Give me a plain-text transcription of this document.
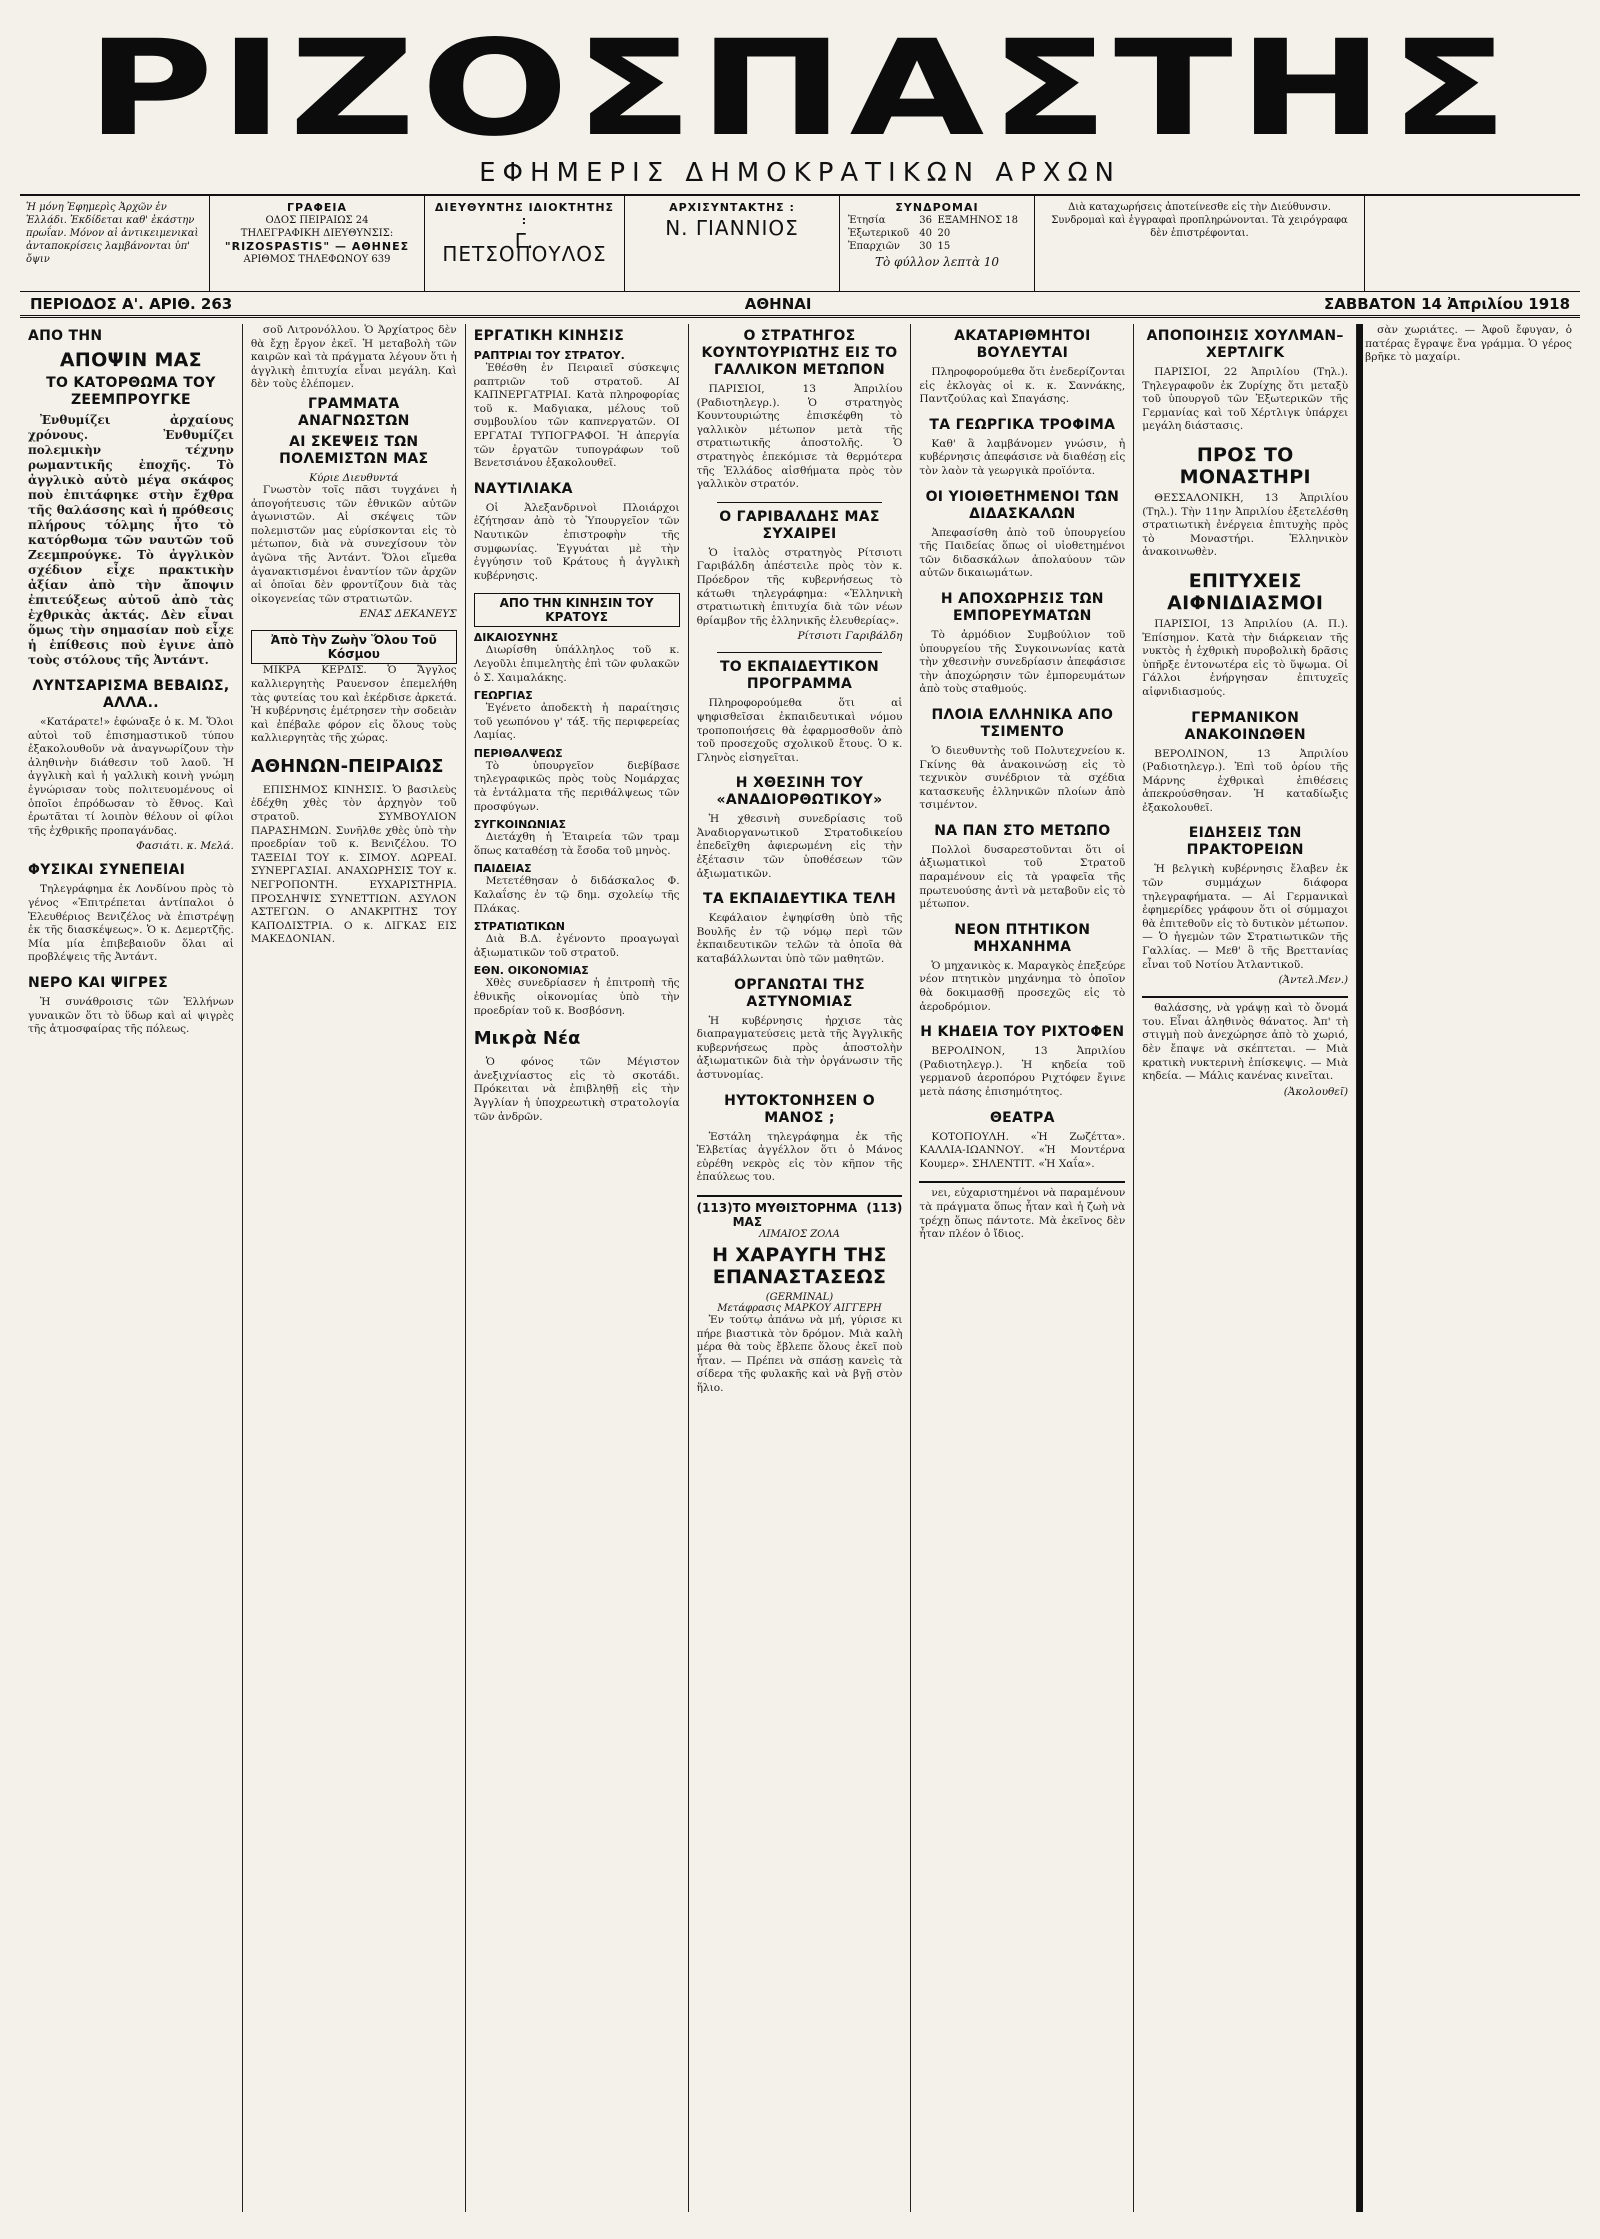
ΡΙΖΟΣΠΑΣΤΗΣ
ΕΦΗΜΕΡΙΣ ΔΗΜΟΚΡΑΤΙΚΩΝ ΑΡΧΩΝ
Ἡ μόνη Ἐφημερὶς Ἀρχῶν ἐν Ἑλλάδι. Ἐκδίδεται καθ' ἑκάστην πρωΐαν. Μόνον αἱ ἀντικειμενικαὶ ἀνταποκρίσεις λαμβάνονται ὑπ' ὄψιν
ΓΡΑΦΕΙΑ
ΟΔΟΣ ΠΕΙΡΑΙΩΣ 24
ΤΗΛΕΓΡΑΦΙΚΗ ΔΙΕΥΘΥΝΣΙΣ:
"RIZOSPASTIS" — ΑΘΗΝΕΣ
ΑΡΙΘΜΟΣ ΤΗΛΕΦΩΝΟΥ 639
ΔΙΕΥΘΥΝΤΗΣ ΙΔΙΟΚΤΗΤΗΣ :
Γ. ΠΕΤΣΟΠΟΥΛΟΣ
ΑΡΧΙΣΥΝΤΑΚΤΗΣ :
Ν. ΓΙΑΝΝΙΟΣ
ΣΥΝΔΡΟΜΑΙ
Ἐτησία	36	ΕΞΑΜΗΝΟΣ 18
Ἐξωτερικοῦ	40	20
Ἐπαρχιῶν	30	15
Τὸ φύλλον λεπτὰ 10
Διὰ καταχωρήσεις ἀποτείνεσθε εἰς τὴν Διεύθυνσιν. Συνδρομαὶ καὶ ἐγγραφαὶ προπληρώνονται. Τὰ χειρόγραφα δὲν ἐπιστρέφονται.
ΠΕΡΙΟΔΟΣ Α'. ΑΡΙΘ. 263	ΑΘΗΝΑΙ	ΣΑΒΒΑΤΟΝ 14 Ἀπριλίου 1918
ΑΠΟ ΤΗΝ
ΑΠΟΨΙΝ ΜΑΣ
ΤΟ ΚΑΤΟΡΘΩΜΑ ΤΟΥ ΖΕΕΜΠΡΟΥΓΚΕ

Ἐνθυμίζει ἀρχαίους χρόνους. Ἐνθυμίζει πολεμικὴν τέχνην ρωμαντικῆς ἐποχῆς. Τὸ ἀγγλικὸ αὐτὸ μέγα σκάφος ποὺ ἐπιτάφηκε στὴν ἔχθρα τῆς θαλάσσης καὶ ἡ πρόθεσις πλήρους τόλμης ἦτο τὸ κατόρθωμα τῶν ναυτῶν τοῦ Ζεεμπρούγκε. Τὸ ἀγγλικὸν σχέδιον εἶχε πρακτικὴν ἀξίαν ἀπὸ τὴν ἄποψιν ἐπιτεύξεως αὐτοῦ ἀπὸ τὰς ἐχθρικὰς ἀκτάς. Δὲν εἶναι ὅμως τὴν σημασίαν ποὺ εἶχε ἡ ἐπίθεσις ποὺ ἐγινε ἀπὸ τοὺς στόλους τῆς Ἀντάντ.

ΛΥΝΤΣΑΡΙΣΜΑ ΒΕΒΑΙΩΣ, ΑΛΛΑ..

«Κατάρατε!» ἐφώναξε ὁ κ. Μ. Ὅλοι αὐτοὶ τοῦ ἐπισημαστικοῦ τύπου ἐξακολουθοῦν νὰ ἀναγνωρίζουν τὴν ἀληθινὴν διάθεσιν τοῦ λαοῦ. Ἡ ἀγγλικὴ καὶ ἡ γαλλικὴ κοινὴ γνώμη ἐγνώρισαν τοὺς πολιτευομένους οἱ ὁποῖοι ἐπρόδωσαν τὸ ἔθνος. Καὶ ἐρωτᾶται τί λοιπὸν θέλουν οἱ φίλοι τῆς ἐχθρικῆς προπαγάνδας.

Φασιάτι. κ. Μελά.
ΦΥΣΙΚΑΙ ΣΥΝΕΠΕΙΑΙ

Τηλεγράφημα ἐκ Λονδίνου πρὸς τὸ γένος «Ἐπιτρέπεται ἀντίπαλοι ὁ Ἐλευθέριος Βενιζέλος νὰ ἐπιστρέψῃ ἐκ τῆς διασκέψεως». Ὁ κ. Δεμερτζῆς. Μία μία ἐπιβεβαιοῦν ὅλαι αἱ προβλέψεις τῆς Ἀντάντ.

ΝΕΡΟ ΚΑΙ ΨΙΓΡΕΣ

Ἡ συνάθροισις τῶν Ἑλλήνων γυναικῶν ὅτι τὸ ὕδωρ καὶ αἱ ψιγρὲς τῆς ἀτμοσφαίρας τῆς πόλεως.

σοῦ Λιτρονόλλου. Ὁ Ἀρχίατρος δὲν θὰ ἔχῃ ἔργον ἐκεῖ. Ἡ μεταβολὴ τῶν καιρῶν καὶ τὰ πράγματα λέγουν ὅτι ἡ ἀγγλικὴ ἐπιτυχία εἶναι μεγάλη. Καὶ δὲν τοὺς ἐλέπομεν.

ΓΡΑΜΜΑΤΑ ΑΝΑΓΝΩΣΤΩΝ
ΑΙ ΣΚΕΨΕΙΣ ΤΩΝ ΠΟΛΕΜΙΣΤΩΝ ΜΑΣ
Κύριε Διευθυντά

Γνωστὸν τοῖς πᾶσι τυγχάνει ἡ ἀπογοήτευσις τῶν ἐθνικῶν αὐτῶν ἀγωνιστῶν. Αἱ σκέψεις τῶν πολεμιστῶν μας εὑρίσκονται εἰς τὸ μέτωπον, διὰ νὰ συνεχίσουν τὸν ἀγῶνα τῆς Ἀντάντ. Ὅλοι εἴμεθα ἀγανακτισμένοι ἐναντίον τῶν ἀρχῶν αἱ ὁποῖαι δὲν φροντίζουν διὰ τὰς οἰκογενείας τῶν στρατιωτῶν.

ΕΝΑΣ ΔΕΚΑΝΕΥΣ
Ἀπὸ Τὴν Ζωὴν Ὅλου Τοῦ Κόσμου

ΜΙΚΡΑ ΚΕΡΔΙΣ. Ὁ Ἄγγλος καλλιεργητὴς Ραυενσον ἐπεμελήθη τὰς φυτείας του καὶ ἐκέρδισε ἀρκετά. Ἡ κυβέρνησις ἐμέτρησεν τὴν σοδειὰν καὶ ἐπέβαλε φόρον εἰς ὅλους τοὺς καλλιεργητὰς τῆς χώρας.

ΑΘΗΝΩΝ-ΠΕΙΡΑΙΩΣ

ΕΠΙΣΗΜΟΣ ΚΙΝΗΣΙΣ. Ὁ βασιλεὺς ἐδέχθη χθὲς τὸν ἀρχηγὸν τοῦ στρατοῦ. ΣΥΜΒΟΥΛΙΟΝ ΠΑΡΑΣΗΜΩΝ. Συνῆλθε χθὲς ὑπὸ τὴν προεδρίαν τοῦ κ. Βενιζέλου. ΤΟ ΤΑΞΕΙΔΙ ΤΟΥ κ. ΣΙΜΟΥ. ΔΩΡΕΑΙ. ΣΥΝΕΡΓΑΣΙΑΙ. ΑΝΑΧΩΡΗΣΙΣ ΤΟΥ κ. ΝΕΓΡΟΠΟΝΤΗ. ΕΥΧΑΡΙΣΤΗΡΙΑ. ΠΡΟΣΛΗΨΙΣ ΣΥΝΕΤΤΙΩΝ. ΑΣΥΛΟΝ ΑΣΤΕΓΩΝ. Ο ΑΝΑΚΡΙΤΗΣ ΤΟΥ ΚΑΠΟΔΙΣΤΡΙΑ. Ο κ. ΔΙΓΚΑΣ ΕΙΣ ΜΑΚΕΔΟΝΙΑΝ.

ΕΡΓΑΤΙΚΗ ΚΙΝΗΣΙΣ
ΡΑΠΤΡΙΑΙ ΤΟΥ ΣΤΡΑΤΟΥ.

Ἐθέσθη ἐν Πειραιεῖ σύσκεψις ραπτριῶν τοῦ στρατοῦ. ΑΙ ΚΑΠΝΕΡΓΑΤΡΙΑΙ. Κατὰ πληροφορίας τοῦ κ. Μαδγιακα, μέλους τοῦ συμβουλίου τῶν καπνεργατῶν. ΟΙ ΕΡΓΑΤΑΙ ΤΥΠΟΓΡΑΦΟΙ. Ἡ ἀπεργία τῶν ἐργατῶν τυπογράφων τοῦ Βενετσιάνου ἐξακολουθεῖ.

ΝΑΥΤΙΛΙΑΚΑ

Οἱ Ἀλεξανδρινοὶ Πλοιάρχοι ἐζήτησαν ἀπὸ τὸ Ὑπουργεῖον τῶν Ναυτικῶν ἐπιστροφὴν τῆς συμφωνίας. Ἐγγυάται μὲ τὴν ἐγγύησιν τοῦ Κράτους ἡ ἀγγλικὴ κυβέρνησις.

ΑΠΟ ΤΗΝ ΚΙΝΗΣΙΝ ΤΟΥ ΚΡΑΤΟΥΣ
ΔΙΚΑΙΟΣΥΝΗΣ

Διωρίσθη ὑπάλληλος τοῦ κ. Λεγοῦλι ἐπιμελητὴς ἐπὶ τῶν φυλακῶν ὁ Σ. Χαιμαλάκης.

ΓΕΩΡΓΙΑΣ

Ἐγένετο ἀποδεκτὴ ἡ παραίτησις τοῦ γεωπόνου γ' τάξ. τῆς περιφερείας Λαμίας.

ΠΕΡΙΘΑΛΨΕΩΣ

Τὸ ὑπουργεῖον διεβίβασε τηλεγραφικῶς πρὸς τοὺς Νομάρχας τὰ ἐντάλματα τῆς περιθάλψεως τῶν προσφύγων.

ΣΥΓΚΟΙΝΩΝΙΑΣ

Διετάχθη ἡ Ἑταιρεία τῶν τραμ ὅπως καταθέσῃ τὰ ἔσοδα τοῦ μηνὸς.

ΠΑΙΔΕΙΑΣ

Μετετέθησαν ὁ διδάσκαλος Φ. Καλαΐσης ἐν τῷ δημ. σχολείῳ τῆς Πλάκας.

ΣΤΡΑΤΙΩΤΙΚΩΝ

Διὰ Β.Δ. ἐγένοντο προαγωγαὶ ἀξιωματικῶν τοῦ στρατοῦ.

ΕΘΝ. ΟΙΚΟΝΟΜΙΑΣ

Χθὲς συνεδρίασεν ἡ ἐπιτροπὴ τῆς ἐθνικῆς οἰκονομίας ὑπὸ τὴν προεδρίαν τοῦ κ. Βοσβόσνη.

Μικρὰ Νέα

Ὁ φόνος τῶν Μέγιστον ἀνεξιχνίαστος εἰς τὸ σκοτάδι. Πρόκειται νὰ ἐπιβληθῇ εἰς τὴν Ἀγγλίαν ἡ ὑποχρεωτικὴ στρατολογία τῶν ἀνδρῶν.

Ο ΣΤΡΑΤΗΓΟΣ ΚΟΥΝΤΟΥΡΙΩΤΗΣ ΕΙΣ ΤΟ ΓΑΛΛΙΚΟΝ ΜΕΤΩΠΟΝ

ΠΑΡΙΣΙΟΙ, 13 Ἀπριλίου (Ραδιοτηλεγρ.). Ὁ στρατηγὸς Κουντουριώτης ἐπισκέφθη τὸ γαλλικὸν μέτωπον μετὰ τῆς στρατιωτικῆς ἀποστολῆς. Ὁ στρατηγὸς ἐπεκόμισε τὰ θερμότερα τῆς Ἑλλάδος αἰσθήματα πρὸς τὸν γαλλικὸν στρατόν.

Ο ΓΑΡΙΒΑΛΔΗΣ ΜΑΣ ΣΥΧΑΙΡΕΙ

Ὁ ἰταλὸς στρατηγὸς Ρίτσιοτι Γαριβάλδη ἀπέστειλε πρὸς τὸν κ. Πρόεδρον τῆς κυβερνήσεως τὸ κάτωθι τηλεγράφημα: «Ἑλληνικὴ στρατιωτικὴ ἐπιτυχία διὰ τῶν νέων θρίαμβον τῆς ἑλληνικῆς ἐλευθερίας».

Ρίτσιοτι Γαριβάλδη
ΤΟ ΕΚΠΑΙΔΕΥΤΙΚΟΝ ΠΡΟΓΡΑΜΜΑ

Πληροφορούμεθα ὅτι αἱ ψηφισθεῖσαι ἐκπαιδευτικαὶ νόμου τροποποιήσεις θὰ ἐφαρμοσθοῦν ἀπὸ τοῦ προσεχοῦς σχολικοῦ ἔτους. Ὁ κ. Γληνὸς εἰσηγεῖται.

Η ΧΘΕΣΙΝΗ ΤΟΥ «ΑΝΑΔΙΟΡΘΩΤΙΚΟΥ»

Ἡ χθεσινὴ συνεδρίασις τοῦ Ἀναδιοργανωτικοῦ Στρατοδικείου ἐπεδεῖχθη ἀφιερωμένη εἰς τὴν ἐξέτασιν τῶν ὑποθέσεων τῶν ἀξιωματικῶν.

ΤΑ ΕΚΠΑΙΔΕΥΤΙΚΑ ΤΕΛΗ

Κεφάλαιον ἐψηφίσθη ὑπὸ τῆς Βουλῆς ἐν τῷ νόμῳ περὶ τῶν ἐκπαιδευτικῶν τελῶν τὰ ὁποῖα θὰ καταβάλλωνται ὑπὸ τῶν μαθητῶν.

ΟΡΓΑΝΩΤΑΙ ΤΗΣ ΑΣΤΥΝΟΜΙΑΣ

Ἡ κυβέρνησις ἠρχισε τὰς διαπραγματεύσεις μετὰ τῆς Ἀγγλικῆς κυβερνήσεως πρὸς ἀποστολὴν ἀξιωματικῶν διὰ τὴν ὀργάνωσιν τῆς ἀστυνομίας.

ΗΥΤΟΚΤΟΝΗΣΕΝ Ο ΜΑΝΟΣ ;

Ἐστάλη τηλεγράφημα ἐκ τῆς Ἑλβετίας ἀγγέλλον ὅτι ὁ Μάνος εὑρέθη νεκρὸς εἰς τὸν κῆπον τῆς ἐπαύλεως του.

(113) ΤΟ ΜΥΘΙΣΤΟΡΗΜΑ ΜΑΣ
(113)
ΛΙΜΑΙΟΣ ΖΟΛΑ
Η ΧΑΡΑΥΓΗ ΤΗΣ ΕΠΑΝΑΣΤΑΣΕΩΣ
(GERMINAL)
Μετάφρασις ΜΑΡΚΟΥ ΑΙΓΓΕΡΗ

Ἐν τούτῳ ἀπάνω νὰ μή, γύρισε κι πήρε βιαστικὰ τὸν δρόμον. Μιὰ καλὴ μέρα θὰ τοὺς ἔβλεπε ὅλους ἐκεῖ ποὺ ἦταν. — Πρέπει νὰ σπάσῃ κανεὶς τὰ σίδερα τῆς φυλακῆς καὶ νὰ βγῇ στὸν ἥλιο.

ΑΚΑΤΑΡΙΘΜΗΤΟΙ ΒΟΥΛΕΥΤΑΙ

Πληροφορούμεθα ὅτι ἐνεδερίζονται εἰς ἐκλογὰς οἱ κ. κ. Σαννάκης, Παντζούλας καὶ Σπαγάσης.

ΤΑ ΓΕΩΡΓΙΚΑ ΤΡΟΦΙΜΑ

Καθ' ἃ λαμβάνομεν γνώσιν, ἡ κυβέρνησις ἀπεφάσισε νὰ διαθέσῃ εἰς τὸν λαὸν τὰ γεωργικὰ προϊόντα.

ΟΙ ΥΙΟΙΘΕΤΗΜΕΝΟΙ ΤΩΝ ΔΙΔΑΣΚΑΛΩΝ

Ἀπεφασίσθη ἀπὸ τοῦ ὑπουργείου τῆς Παιδείας ὅπως οἱ υἱοθετημένοι τῶν διδασκάλων ἀπολαύουν τῶν αὐτῶν δικαιωμάτων.

Η ΑΠΟΧΩΡΗΣΙΣ ΤΩΝ ΕΜΠΟΡΕΥΜΑΤΩΝ

Τὸ ἀρμόδιον Συμβούλιον τοῦ ὑπουργείου τῆς Συγκοινωνίας κατὰ τὴν χθεσινὴν συνεδρίασιν ἀπεφάσισε τὴν ἀποχώρησιν τῶν ἐμπορευμάτων ἀπὸ τοὺς σταθμούς.

ΠΛΟΙΑ ΕΛΛΗΝΙΚΑ ΑΠΟ ΤΣΙΜΕΝΤΟ

Ὁ διευθυντὴς τοῦ Πολυτεχνείου κ. Γκίνης θὰ ἀνακοινώσῃ εἰς τὸ τεχνικὸν συνέδριον τὰ σχέδια κατασκευῆς ἑλληνικῶν πλοίων ἀπὸ τσιμέντον.

ΝΑ ΠΑΝ ΣΤΟ ΜΕΤΩΠΟ

Πολλοὶ δυσαρεστοῦνται ὅτι οἱ ἀξιωματικοὶ τοῦ Στρατοῦ παραμένουν εἰς τὰ γραφεῖα τῆς πρωτευούσης ἀντὶ νὰ μεταβοῦν εἰς τὸ μέτωπον.

ΝΕΟΝ ΠΤΗΤΙΚΟΝ ΜΗΧΑΝΗΜΑ

Ὁ μηχανικὸς κ. Μαραγκὸς ἐπεξεύρε νέον πτητικὸν μηχάνημα τὸ ὁποῖον θὰ δοκιμασθῇ προσεχῶς εἰς τὸ ἀεροδρόμιον.

Η ΚΗΔΕΙΑ ΤΟΥ ΡΙΧΤΟΦΕΝ

ΒΕΡΟΛΙΝΟΝ, 13 Ἀπριλίου (Ραδιοτηλεγρ.). Ἡ κηδεία τοῦ γερμανοῦ ἀεροπόρου Ριχτόφεν ἔγινε μετὰ πάσης ἐπισημότητος.

ΘΕΑΤΡΑ

ΚΟΤΟΠΟΥΛΗ. «Ἡ Ζωζέττα». ΚΑΛΛΙΑ-ΙΩΑΝΝΟΥ. «Ἡ Μοντέρνα Κουμερ». ΣΗΛΕΝΤΙΤ. «Ἡ Χαΐα».

νει, εὐχαριστημένοι νὰ παραμένουν τὰ πράγματα ὅπως ἦταν καὶ ἡ ζωὴ νὰ τρέχῃ ὅπως πάντοτε. Μὰ ἐκεῖνος δὲν ἦταν πλέον ὁ ἴδιος.

ΑΠΟΠΟΙΗΣΙΣ ΧΟΥΛΜΑΝ–ΧΕΡΤΛΙΓΚ

ΠΑΡΙΣΙΟΙ, 22 Ἀπριλίου (Τηλ.). Τηλεγραφοῦν ἐκ Ζυρίχης ὅτι μεταξὺ τοῦ ὑπουργοῦ τῶν Ἐξωτερικῶν τῆς Γερμανίας καὶ τοῦ Χέρτλιγκ ὑπάρχει μεγάλη διάστασις.

ΠΡΟΣ ΤΟ ΜΟΝΑΣΤΗΡΙ

ΘΕΣΣΑΛΟΝΙΚΗ, 13 Ἀπριλίου (Τηλ.). Τὴν 11ην Ἀπριλίου ἐξετελέσθη στρατιωτικὴ ἐνέργεια ἐπιτυχὴς πρὸς τὸ Μοναστήρι. Ἑλληνικὸν ἀνακοινωθὲν.

ΕΠΙΤΥΧΕΙΣ ΑΙΦΝΙΔΙΑΣΜΟΙ

ΠΑΡΙΣΙΟΙ, 13 Ἀπριλίου (Α. Π.). Ἐπίσημον. Κατὰ τὴν διάρκειαν τῆς νυκτὸς ἡ ἐχθρικὴ πυροβολικὴ δρᾶσις ὑπῆρξε ἐντονωτέρα εἰς τὸ ὕψωμα. Οἱ Γάλλοι ἐνήργησαν ἐπιτυχεῖς αἰφνιδιασμούς.

ΓΕΡΜΑΝΙΚΟΝ ΑΝΑΚΟΙΝΩΘΕΝ

ΒΕΡΟΛΙΝΟΝ, 13 Ἀπριλίου (Ραδιοτηλεγρ.). Ἐπὶ τοῦ ὁρίου τῆς Μάρνης ἐχθρικαὶ ἐπιθέσεις ἀπεκρούσθησαν. Ἡ καταδίωξις ἐξακολουθεῖ.

ΕΙΔΗΣΕΙΣ ΤΩΝ ΠΡΑΚΤΟΡΕΙΩΝ

Ἡ βελγικὴ κυβέρνησις ἔλαβεν ἐκ τῶν συμμάχων διάφορα τηλεγραφήματα. — Αἱ Γερμανικαὶ ἐφημερίδες γράφουν ὅτι οἱ σύμμαχοι θὰ ἐπιτεθοῦν εἰς τὸ δυτικὸν μέτωπον. — Ὁ ἡγεμὼν τῶν Στρατιωτικῶν τῆς Γαλλίας. — Μεθ' ὃ τῆς Βρεττανίας εἶναι τοῦ Νοτίου Ἀτλαντικοῦ.

(Ἀντελ.Μεν.)

θαλάσσης, νὰ γράψῃ καὶ τὸ ὄνομά του. Εἶναι ἀληθινὸς θάνατος. Ἀπ' τὴ στιγμὴ ποὺ ἀνεχώρησε ἀπὸ τὸ χωριό, δὲν ἔπαψε νὰ σκέπτεται. — Μιὰ κρατικὴ νυκτερινὴ ἐπίσκεψις. — Μιὰ κηδεία. — Μάλις κανένας κινεῖται.

(Ἀκολουθεῖ)

σὰν χωριάτες. — Ἀφοῦ ἔφυγαν, ὁ πατέρας ἔγραψε ἕνα γράμμα. Ὁ γέρος βρῆκε τὸ μαχαίρι.
